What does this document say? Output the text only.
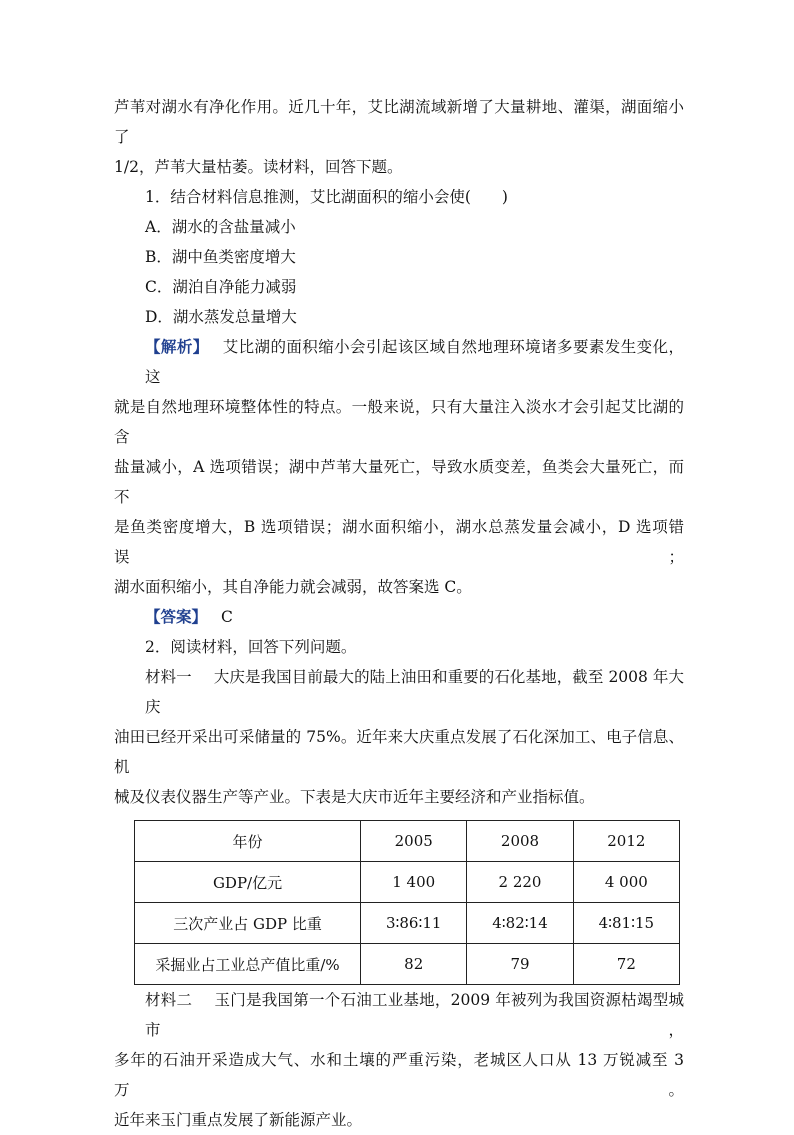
芦苇对湖水有净化作用。近几十年，艾比湖流域新增了大量耕地、灌渠，湖面缩小了

1/2，芦苇大量枯萎。读材料，回答下题。

1．结合材料信息推测，艾比湖面积的缩小会使(　　)

A．湖水的含盐量减小

B．湖中鱼类密度增大

C．湖泊自净能力减弱

D．湖水蒸发总量增大

【解析】 艾比湖的面积缩小会引起该区域自然地理环境诸多要素发生变化，这

就是自然地理环境整体性的特点。一般来说，只有大量注入淡水才会引起艾比湖的含

盐量减小，A 选项错误；湖中芦苇大量死亡，导致水质变差，鱼类会大量死亡，而不

是鱼类密度增大，B 选项错误；湖水面积缩小，湖水总蒸发量会减小，D 选项错误；

湖水面积缩小，其自净能力就会减弱，故答案选 C。

【答案】 C

2．阅读材料，回答下列问题。

材料一 大庆是我国目前最大的陆上油田和重要的石化基地，截至 2008 年大庆

油田已经开采出可采储量的 75%。近年来大庆重点发展了石化深加工、电子信息、机

械及仪表仪器生产等产业。下表是大庆市近年主要经济和产业指标值。

年份	2005	2008	2012
GDP/亿元	1 400	2 220	4 000
三次产业占 GDP 比重	3∶86∶11	4∶82∶14	4∶81∶15
采掘业占工业总产值比重/%	82	79	72

材料二 玉门是我国第一个石油工业基地，2009 年被列为我国资源枯竭型城市，

多年的石油开采造成大气、水和土壤的严重污染，老城区人口从 13 万锐减至 3 万。

近年来玉门重点发展了新能源产业。
